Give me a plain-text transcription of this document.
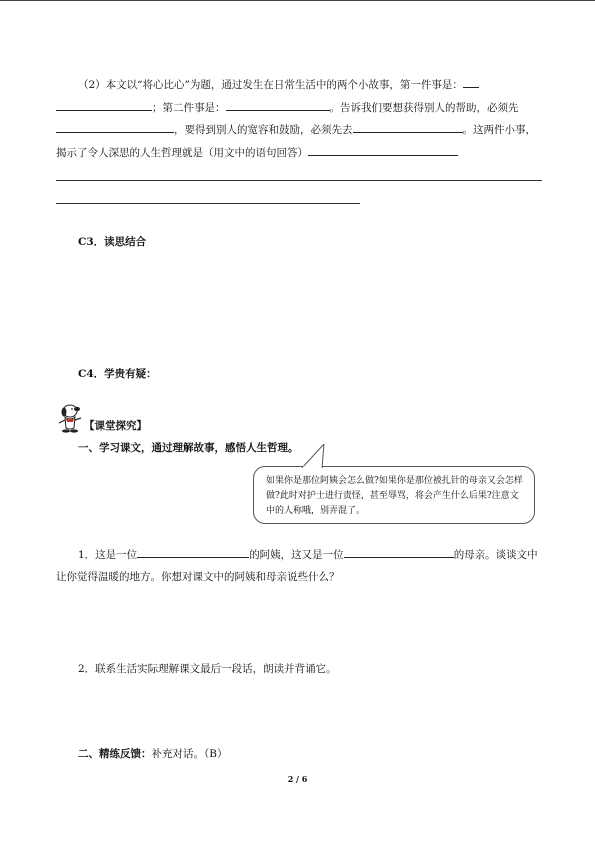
（2）本文以“将心比心”为题，通过发生在日常生活中的两个小故事，第一件事是：；第二件事是：	。告诉我们要想获得别人的帮助，必须先，要得到别人的宽容和鼓励，必须先去	。这两件小事，揭示了令人深思的人生哲理就是（用文中的语句回答）
C3．读思结合
C4．学贵有疑：
【课堂探究】
一、学习课文，通过理解故事，感悟人生哲理。
如果你是那位阿姨会怎么做?如果你是那位被扎针的母亲又会怎样做?此时对护士进行责怪，甚至辱骂，将会产生什么后果?注意文中的人称哦，别弄混了。
1．这是一位	的阿姨，这又是一位	的母亲。谈谈文中让你觉得温暖的地方。你想对课文中的阿姨和母亲说些什么？
2．联系生活实际理解课文最后一段话，朗读并背诵它。
二、精练反馈：补充对话。（B）
2 / 6
